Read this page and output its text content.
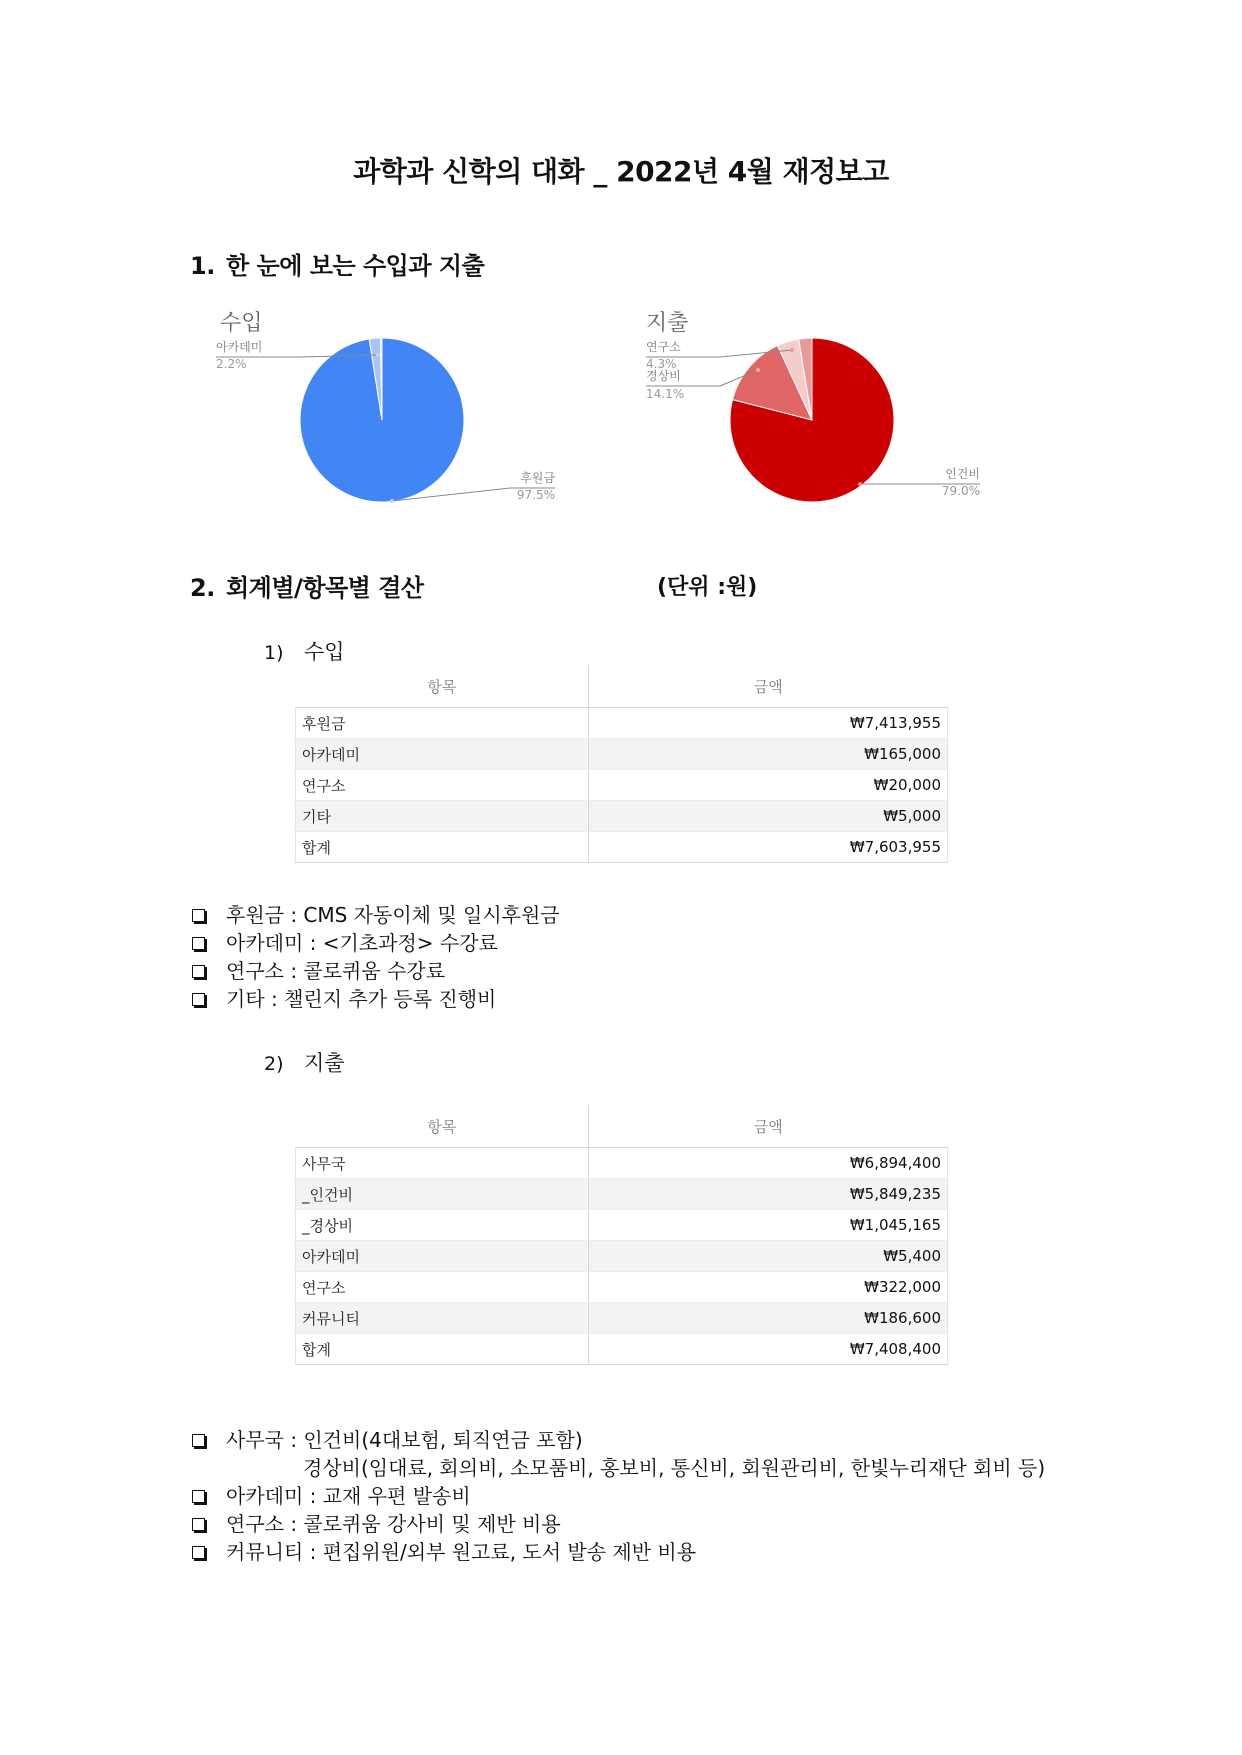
과학과 신학의 대화 _ 2022년 4월 재정보고
1. 한 눈에 보는 수입과 지출
수입
아카데미
2.2%
후원금
97.5%
지출
연구소
4.3%
경상비
14.1%
인건비
79.0%
2. 회계별/항목별 결산	(단위 :원)
1) 수입
항목	금액
후원금	₩7,413,955
아카데미	₩165,000
연구소	₩20,000
기타	₩5,000
합계	₩7,603,955
후원금 : CMS 자동이체 및 일시후원금
아카데미 : <기초과정> 수강료
연구소 : 콜로퀴움 수강료
기타 : 챌린지 추가 등록 진행비
2) 지출
항목	금액
사무국	₩6,894,400
_인건비	₩5,849,235
_경상비	₩1,045,165
아카데미	₩5,400
연구소	₩322,000
커뮤니티	₩186,600
합계	₩7,408,400
사무국 : 인건비(4대보험, 퇴직연금 포함)
경상비(임대료, 회의비, 소모품비, 홍보비, 통신비, 회원관리비, 한빛누리재단 회비 등)
아카데미 : 교재 우편 발송비
연구소 : 콜로퀴움 강사비 및 제반 비용
커뮤니티 : 편집위원/외부 원고료, 도서 발송 제반 비용
